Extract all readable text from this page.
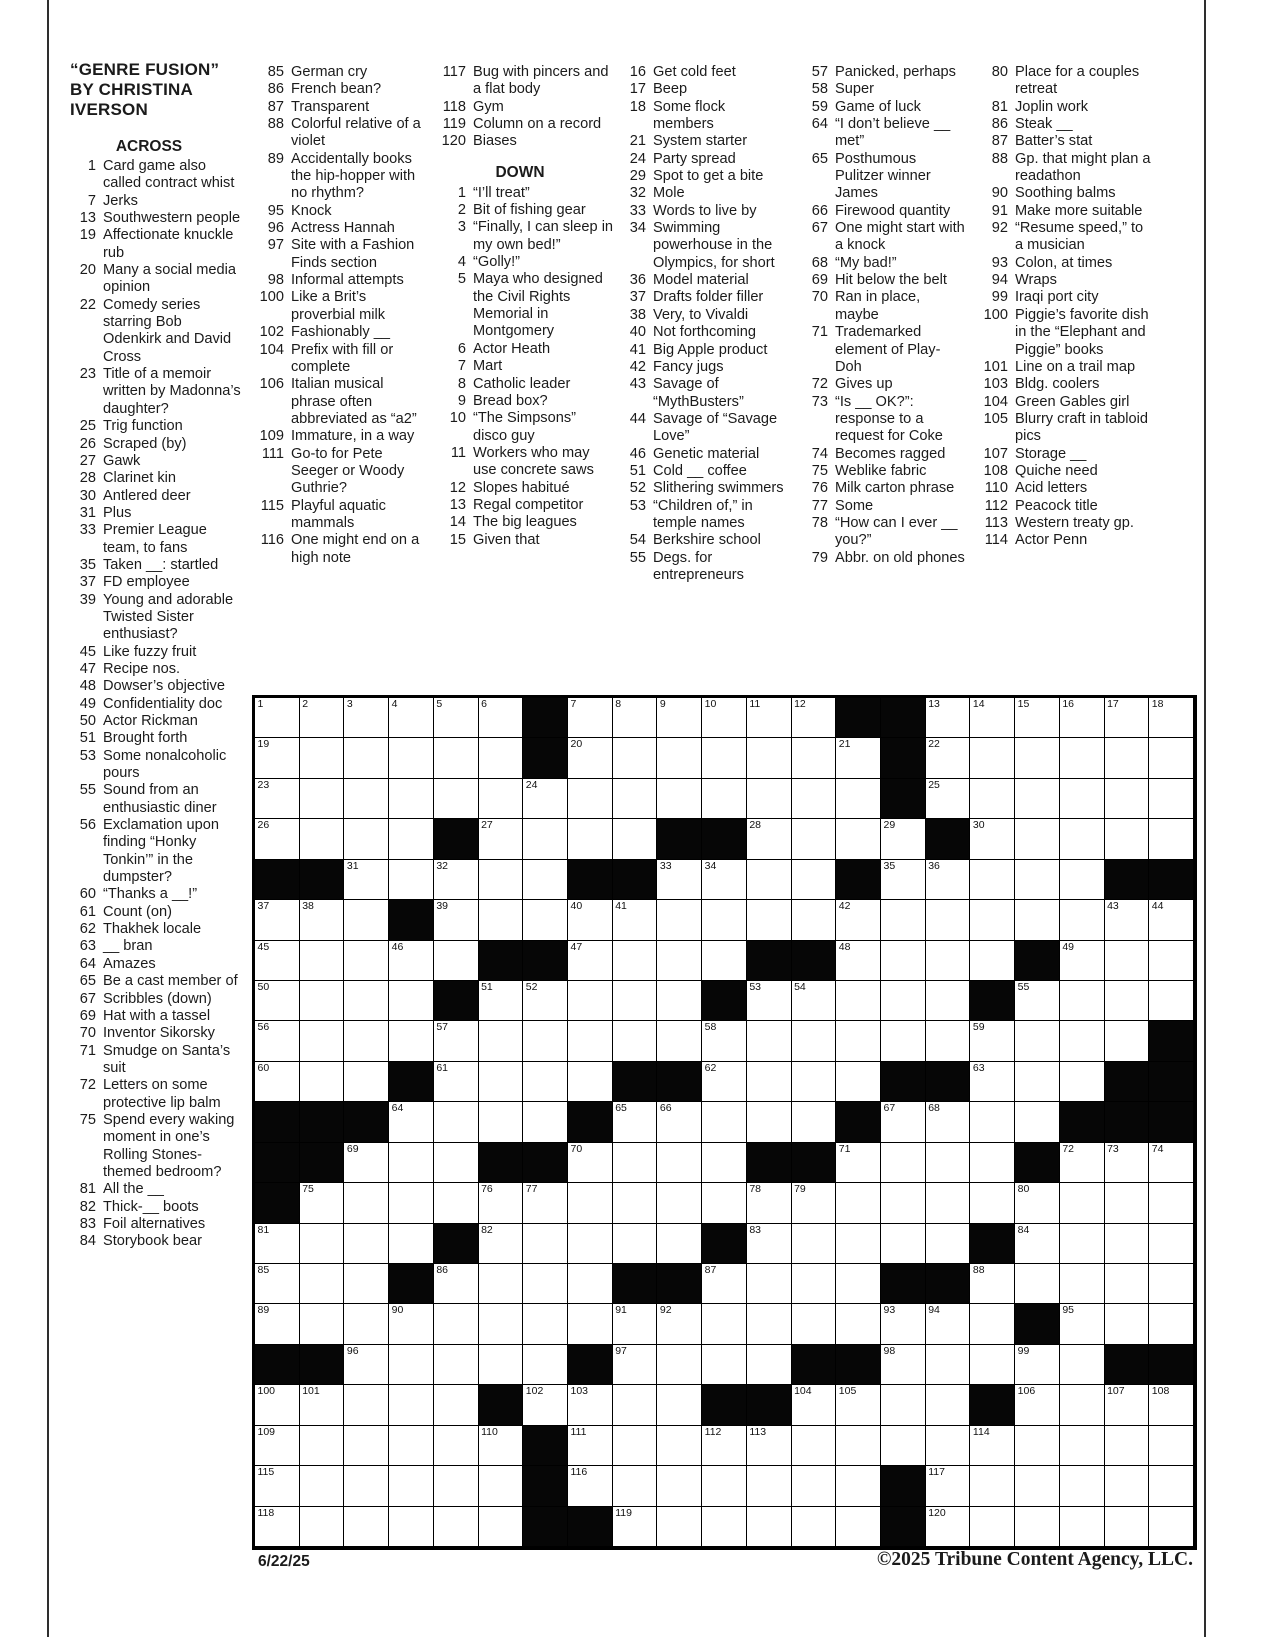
“GENRE FUSION”
BY CHRISTINA IVERSON
ACROSS
1 Card game also called contract whist
7 Jerks
13 Southwestern people
19 Affectionate knuckle rub
20 Many a social media opinion
22 Comedy series starring Bob Odenkirk and David Cross
23 Title of a memoir written by Madonna’s daughter?
25 Trig function
26 Scraped (by)
27 Gawk
28 Clarinet kin
30 Antlered deer
31 Plus
33 Premier League team, to fans
35 Taken __: startled
37 FD employee
39 Young and adorable Twisted Sister enthusiast?
45 Like fuzzy fruit
47 Recipe nos.
48 Dowser’s objective
49 Confidentiality doc
50 Actor Rickman
51 Brought forth
53 Some nonalcoholic pours
55 Sound from an enthusiastic diner
56 Exclamation upon finding “Honky Tonkin’” in the dumpster?
60 “Thanks a __!”
61 Count (on)
62 Thakhek locale
63 __ bran
64 Amazes
65 Be a cast member of
67 Scribbles (down)
69 Hat with a tassel
70 Inventor Sikorsky
71 Smudge on Santa’s suit
72 Letters on some protective lip balm
75 Spend every waking moment in one’s Rolling Stones-themed bedroom?
81 All the __
82 Thick-__ boots
83 Foil alternatives
84 Storybook bear
85 German cry
86 French bean?
87 Transparent
88 Colorful relative of a violet
89 Accidentally books the hip-hopper with no rhythm?
95 Knock
96 Actress Hannah
97 Site with a Fashion Finds section
98 Informal attempts
100 Like a Brit’s proverbial milk
102 Fashionably __
104 Prefix with fill or complete
106 Italian musical phrase often abbreviated as “a2”
109 Immature, in a way
111 Go-to for Pete Seeger or Woody Guthrie?
115 Playful aquatic mammals
116 One might end on a high note
117 Bug with pincers and a flat body
118 Gym
119 Column on a record
120 Biases
DOWN
1 “I’ll treat”
2 Bit of fishing gear
3 “Finally, I can sleep in my own bed!”
4 “Golly!”
5 Maya who designed the Civil Rights Memorial in Montgomery
6 Actor Heath
7 Mart
8 Catholic leader
9 Bread box?
10 “The Simpsons” disco guy
11 Workers who may use concrete saws
12 Slopes habitué
13 Regal competitor
14 The big leagues
15 Given that
16 Get cold feet
17 Beep
18 Some flock members
21 System starter
24 Party spread
29 Spot to get a bite
32 Mole
33 Words to live by
34 Swimming powerhouse in the Olympics, for short
36 Model material
37 Drafts folder filler
38 Very, to Vivaldi
40 Not forthcoming
41 Big Apple product
42 Fancy jugs
43 Savage of “MythBusters”
44 Savage of “Savage Love”
46 Genetic material
51 Cold __ coffee
52 Slithering swimmers
53 “Children of,” in temple names
54 Berkshire school
55 Degs. for entrepreneurs
57 Panicked, perhaps
58 Super
59 Game of luck
64 “I don’t believe __ met”
65 Posthumous Pulitzer winner James
66 Firewood quantity
67 One might start with a knock
68 “My bad!”
69 Hit below the belt
70 Ran in place, maybe
71 Trademarked element of Play-Doh
72 Gives up
73 “Is __ OK?”: response to a request for Coke
74 Becomes ragged
75 Weblike fabric
76 Milk carton phrase
77 Some
78 “How can I ever __ you?”
79 Abbr. on old phones
80 Place for a couples retreat
81 Joplin work
86 Steak __
87 Batter’s stat
88 Gp. that might plan a readathon
90 Soothing balms
91 Make more suitable
92 “Resume speed,” to a musician
93 Colon, at times
94 Wraps
99 Iraqi port city
100 Piggie’s favorite dish in the “Elephant and Piggie” books
101 Line on a trail map
103 Bldg. coolers
104 Green Gables girl
105 Blurry craft in tabloid pics
107 Storage __
108 Quiche need
110 Acid letters
112 Peacock title
113 Western treaty gp.
114 Actor Penn
1	2	3	4	5	6	7	8	9	10	11	12	13	14	15	16	17	18
19	20	21	22
23	24	25
26	27	28	29	30
31	32	33	34	35	36
37	38	39	40	41	42	43	44
45	46	47	48	49
50	51	52	53	54	55
56	57	58	59
60	61	62	63
64	65	66	67	68
69	70	71	72	73	74
75	76	77	78	79	80
81	82	83	84
85	86	87	88
89	90	91	92	93	94	95
96	97	98	99
100	101	102	103	104	105	106	107	108
109	110	111	112	113	114
115	116	117
118	119	120
6/22/25	©2025 Tribune Content Agency, LLC.
